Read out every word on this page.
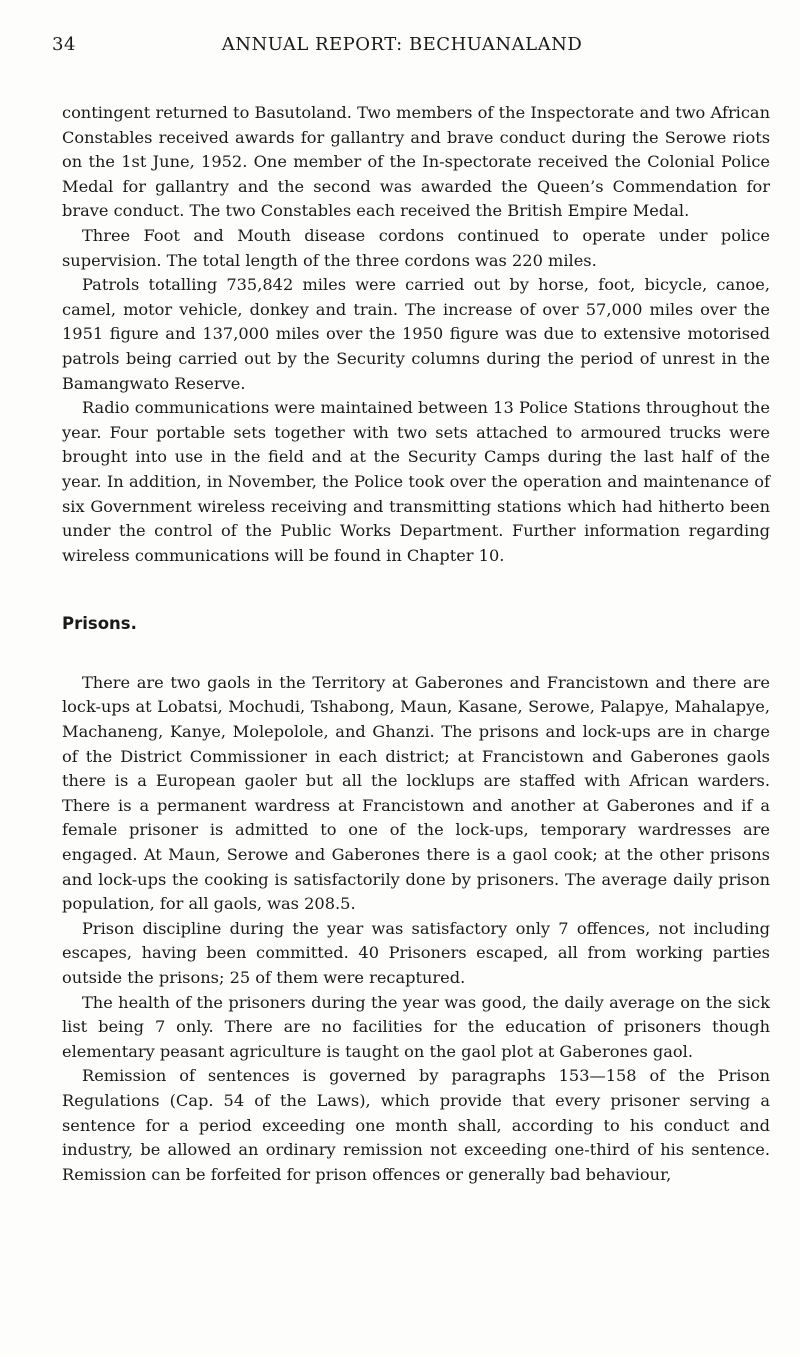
34	ANNUAL REPORT: BECHUANALAND

contingent returned to Basutoland. Two members of the Inspectorate and two African Constables received awards for gallantry and brave conduct during the Serowe riots on the 1st June, 1952. One member of the In-spectorate received the Colonial Police Medal for gallantry and the second was awarded the Queen’s Commendation for brave conduct. The two Constables each received the British Empire Medal.

Three Foot and Mouth disease cordons continued to operate under police supervision. The total length of the three cordons was 220 miles.

Patrols totalling 735,842 miles were carried out by horse, foot, bicycle, canoe, camel, motor vehicle, donkey and train. The increase of over 57,000 miles over the 1951 figure and 137,000 miles over the 1950 figure was due to extensive motorised patrols being carried out by the Security columns during the period of unrest in the Bamangwato Reserve.

Radio communications were maintained between 13 Police Stations throughout the year. Four portable sets together with two sets attached to armoured trucks were brought into use in the field and at the Security Camps during the last half of the year. In addition, in November, the Police took over the operation and maintenance of six Government wireless receiving and transmitting stations which had hitherto been under the control of the Public Works Department. Further information regarding wireless communications will be found in Chapter 10.

Prisons.

There are two gaols in the Territory at Gaberones and Francistown and there are lock-ups at Lobatsi, Mochudi, Tshabong, Maun, Kasane, Serowe, Palapye, Mahalapye, Machaneng, Kanye, Molepolole, and Ghanzi. The prisons and lock-ups are in charge of the District Commissioner in each district; at Francistown and Gaberones gaols there is a European gaoler but all the locklups are staffed with African warders. There is a permanent wardress at Francistown and another at Gaberones and if a female prisoner is admitted to one of the lock-ups, temporary wardresses are engaged. At Maun, Serowe and Gaberones there is a gaol cook; at the other prisons and lock-ups the cooking is satisfactorily done by prisoners. The average daily prison population, for all gaols, was 208.5.

Prison discipline during the year was satisfactory only 7 offences, not including escapes, having been committed. 40 Prisoners escaped, all from working parties outside the prisons; 25 of them were recaptured.

The health of the prisoners during the year was good, the daily average on the sick list being 7 only. There are no facilities for the education of prisoners though elementary peasant agriculture is taught on the gaol plot at Gaberones gaol.

Remission of sentences is governed by paragraphs 153—158 of the Prison Regulations (Cap. 54 of the Laws), which provide that every prisoner serving a sentence for a period exceeding one month shall, according to his conduct and industry, be allowed an ordinary remission not exceeding one-third of his sentence. Remission can be forfeited for prison offences or generally bad behaviour,
